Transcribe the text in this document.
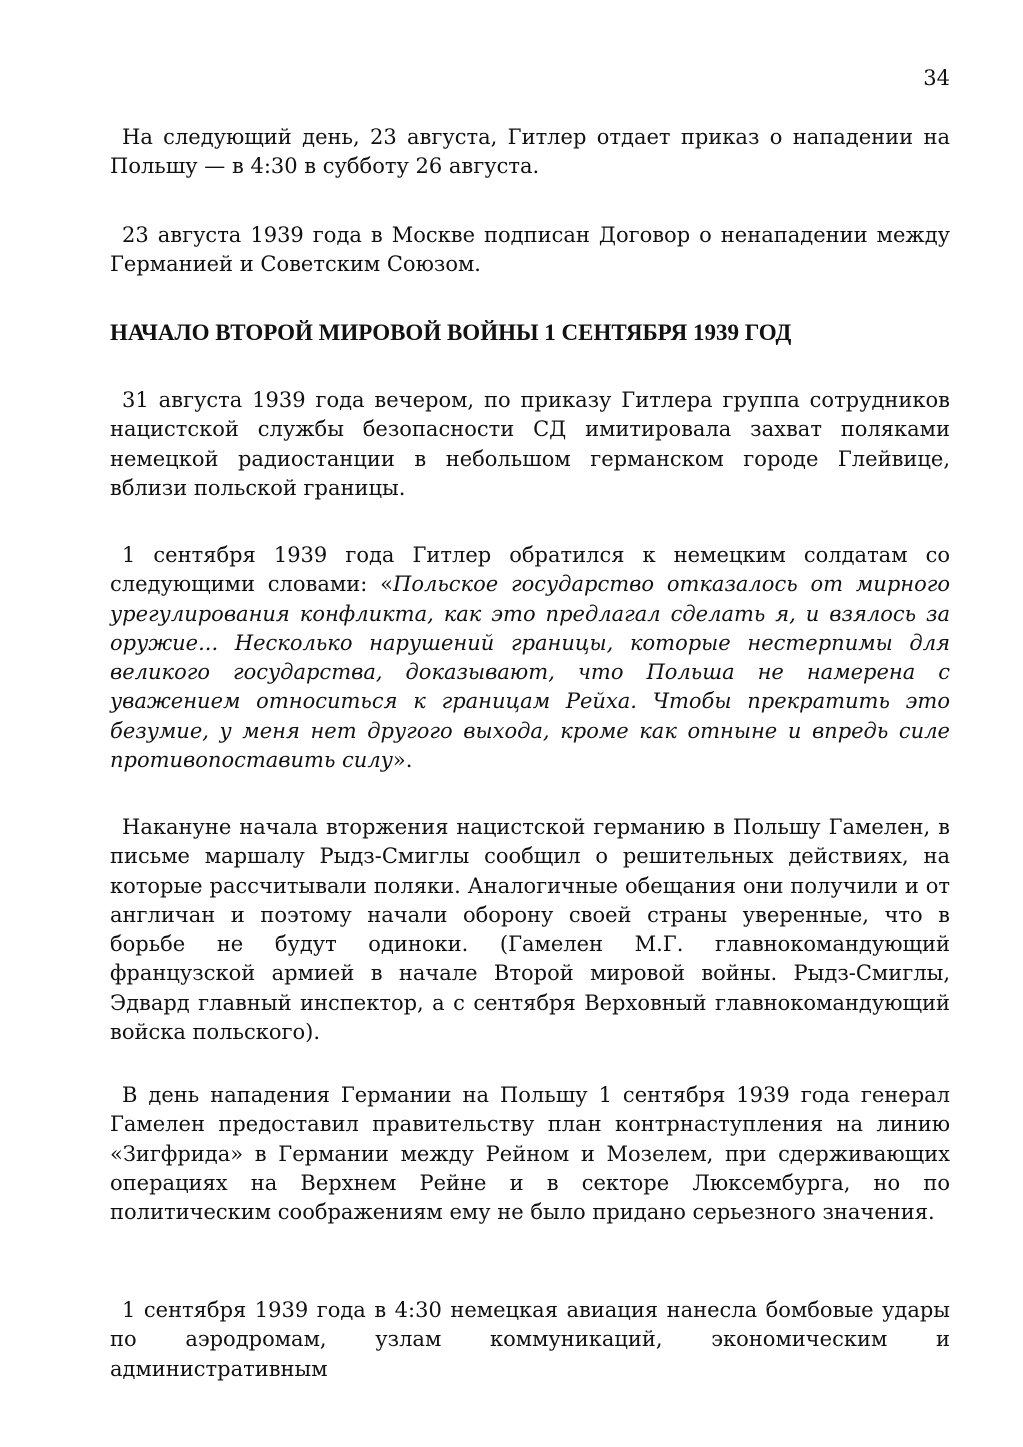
34

На следующий день, 23 августа, Гитлер отдает приказ о нападении на Польшу — в 4:30 в субботу 26 августа.

23 августа 1939 года в Москве подписан Договор о ненападении между Германией и Советским Союзом.

НАЧАЛО ВТОРОЙ МИРОВОЙ ВОЙНЫ 1 СЕНТЯБРЯ 1939 ГОД

31 августа 1939 года вечером, по приказу Гитлера группа сотрудников нацистской службы безопасности СД имитировала захват поляками немецкой радиостанции в небольшом германском городе Глейвице, вблизи польской границы.

1 сентября 1939 года Гитлер обратился к немецким солдатам со следующими словами: «Польское государство отказалось от мирного урегулирования конфликта, как это предлагал сделать я, и взялось за оружие... Несколько нарушений границы, которые нестерпимы для великого государства, доказывают, что Польша не намерена с уважением относиться к границам Рейха. Чтобы прекратить это безумие, у меня нет другого выхода, кроме как отныне и впредь силе противопоставить силу».

Накануне начала вторжения нацистской германию в Польшу Гамелен, в письме маршалу Рыдз-Смиглы сообщил о решительных действиях, на которые рассчитывали поляки. Аналогичные обещания они получили и от англичан и поэтому начали оборону своей страны уверенные, что в борьбе не будут одиноки. (Гамелен М.Г. главнокомандующий французской армией в начале Второй мировой войны. Рыдз-Смиглы, Эдвард главный инспектор, а с сентября Верховный главнокомандующий войска польского).

В день нападения Германии на Польшу 1 сентября 1939 года генерал Гамелен предоставил правительству план контрнаступления на линию «Зигфрида» в Германии между Рейном и Мозелем, при сдерживающих операциях на Верхнем Рейне и в секторе Люксембурга, но по политическим соображениям ему не было придано серьезного значения.

1 сентября 1939 года в 4:30 немецкая авиация нанесла бомбовые удары по аэродромам, узлам коммуникаций, экономическим и административным
